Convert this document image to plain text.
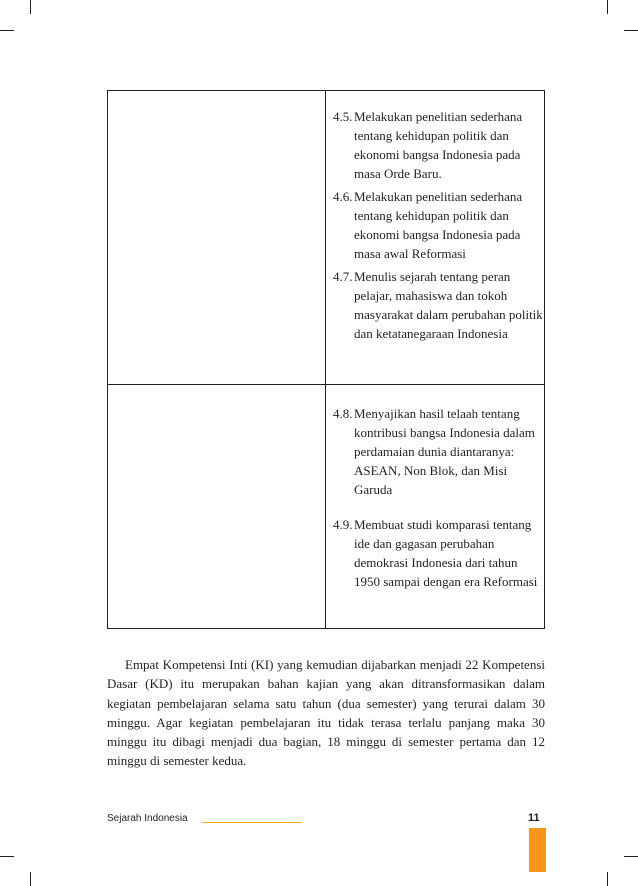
4.5. Melakukan penelitian sederhana tentang kehidupan politik dan ekonomi bangsa Indonesia pada masa Orde Baru.
4.6. Melakukan penelitian sederhana tentang kehidupan politik dan ekonomi bangsa Indonesia pada masa awal Reformasi
4.7. Menulis sejarah tentang peran pelajar, mahasiswa dan tokoh masyarakat dalam perubahan politik dan ketatanegaraan Indonesia
4.8. Menyajikan hasil telaah tentang kontribusi bangsa Indonesia dalam perdamaian dunia diantaranya: ASEAN, Non Blok, dan Misi Garuda
4.9. Membuat studi komparasi tentang ide dan gagasan perubahan demokrasi Indonesia dari tahun 1950 sampai dengan era Reformasi
Empat Kompetensi Inti (KI) yang kemudian dijabarkan menjadi 22 Kompetensi Dasar (KD) itu merupakan bahan kajian yang akan ditransformasikan dalam kegiatan pembelajaran selama satu tahun (dua semester) yang terurai dalam 30 minggu. Agar kegiatan pembelajaran itu tidak terasa terlalu panjang maka 30 minggu itu dibagi menjadi dua bagian, 18 minggu di semester pertama dan 12 minggu di semester kedua.
Sejarah Indonesia	11
